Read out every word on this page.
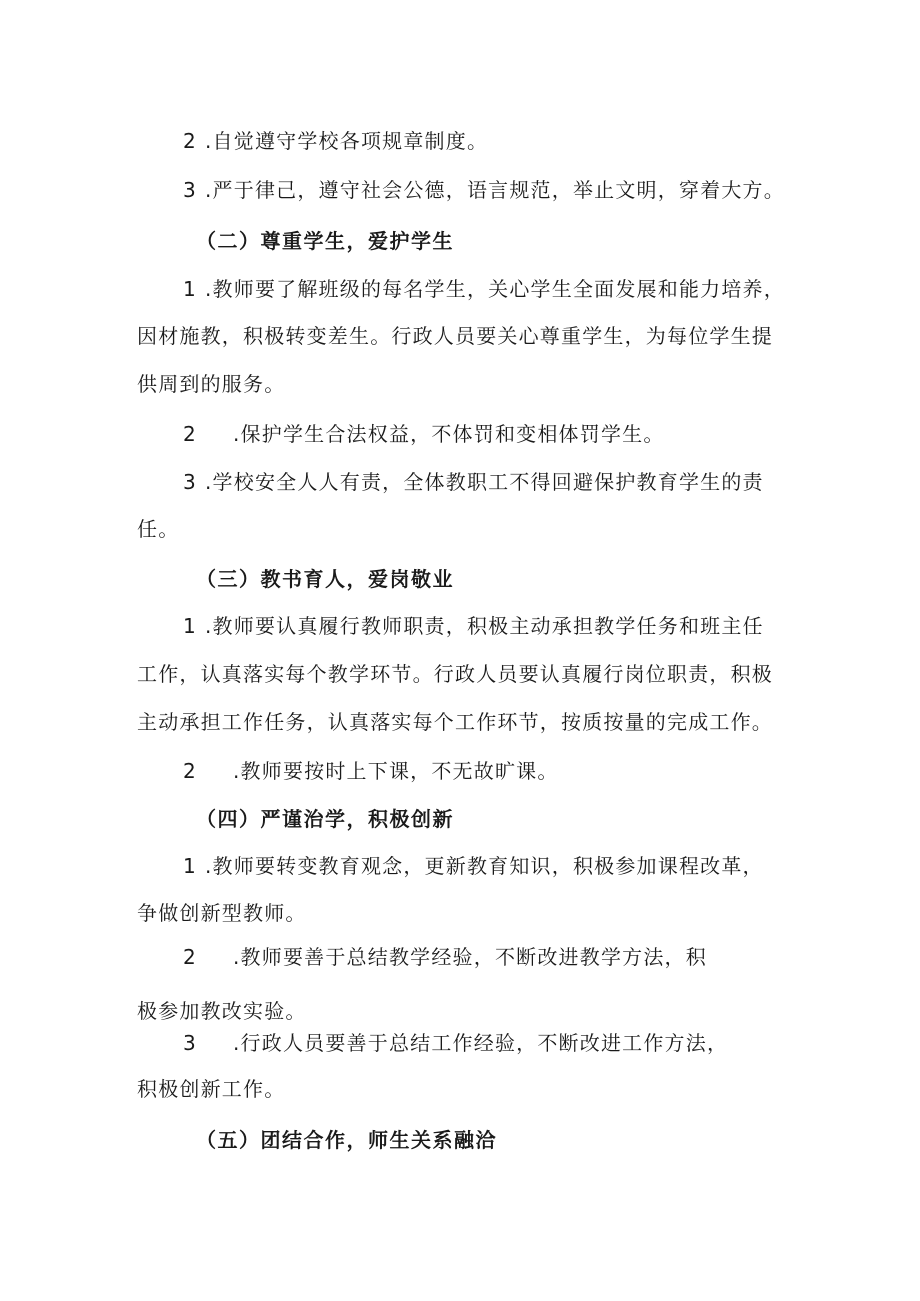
2 .自觉遵守学校各项规章制度。
3 .严于律己，遵守社会公德，语言规范，举止文明，穿着大方。
（二）尊重学生，爱护学生
1 .教师要了解班级的每名学生，关心学生全面发展和能力培养，
因材施教，积极转变差生。行政人员要关心尊重学生，为每位学生提
供周到的服务。
2 .保护学生合法权益，不体罚和变相体罚学生。
3 .学校安全人人有责，全体教职工不得回避保护教育学生的责
任。
（三）教书育人，爱岗敬业
1 .教师要认真履行教师职责，积极主动承担教学任务和班主任
工作，认真落实每个教学环节。行政人员要认真履行岗位职责，积极
主动承担工作任务，认真落实每个工作环节，按质按量的完成工作。
2 .教师要按时上下课，不无故旷课。
（四）严谨治学，积极创新
1 .教师要转变教育观念，更新教育知识，积极参加课程改革，
争做创新型教师。
2 .教师要善于总结教学经验，不断改进教学方法，积
极参加教改实验。
3 .行政人员要善于总结工作经验，不断改进工作方法，
积极创新工作。
（五）团结合作，师生关系融洽
